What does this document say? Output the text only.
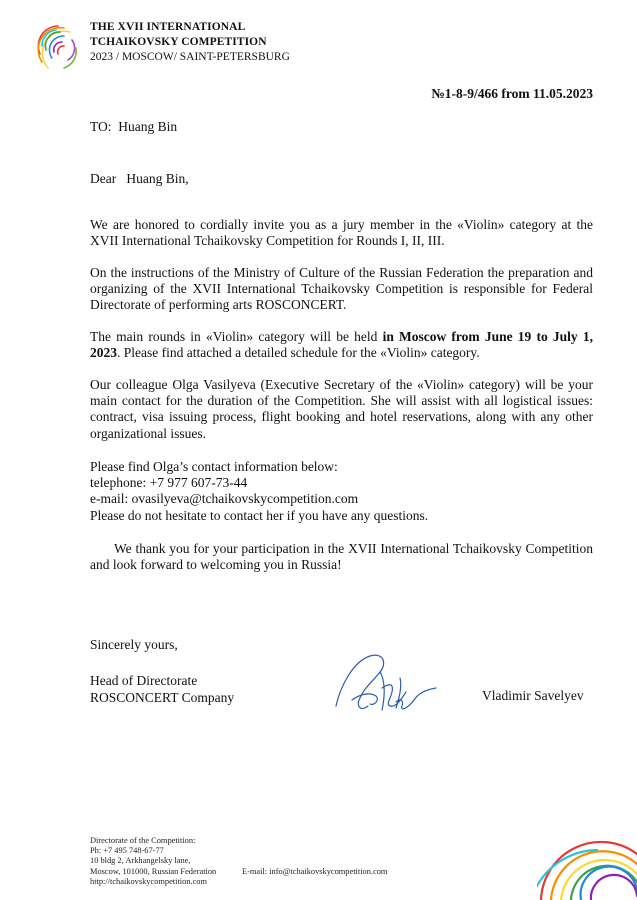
THE XVII INTERNATIONAL
TCHAIKOVSKY COMPETITION
2023 / MOSCOW/ SAINT-PETERSBURG
№1-8-9/466 from 11.05.2023
TO:  Huang Bin
Dear   Huang Bin,
We are honored to cordially invite you as a jury member in the «Violin» category at the XVII International Tchaikovsky Competition for Rounds I, II, III.
On the instructions of the Ministry of Culture of the Russian Federation the preparation and organizing of the XVII International Tchaikovsky Competition is responsible for Federal Directorate of performing arts ROSCONCERT.
The main rounds in «Violin» category will be held in Moscow from June 19 to July 1, 2023. Please find attached a detailed schedule for the «Violin» category.
Our colleague Olga Vasilyeva (Executive Secretary of the «Violin» category) will be your main contact for the duration of the Competition. She will assist with all logistical issues: contract, visa issuing process, flight booking and hotel reservations, along with any other organizational issues.
Please find Olga’s contact information below:
telephone: +7 977 607-73-44
e-mail: ovasilyeva@tchaikovskycompetition.com
Please do not hesitate to contact her if you have any questions.
We thank you for your participation in the XVII International Tchaikovsky Competition and look forward to welcoming you in Russia!
Sincerely yours,
Head of Directorate
ROSCONCERT Company	Vladimir Savelyev
Directorate of the Competition:
Ph: +7 495 748-67-77
10 bldg 2, Arkhangelsky lane,
Moscow, 101000, Russian Federation
http://tchaikovskycompetition.com
E-mail: info@tchaikovskycompetition.com
